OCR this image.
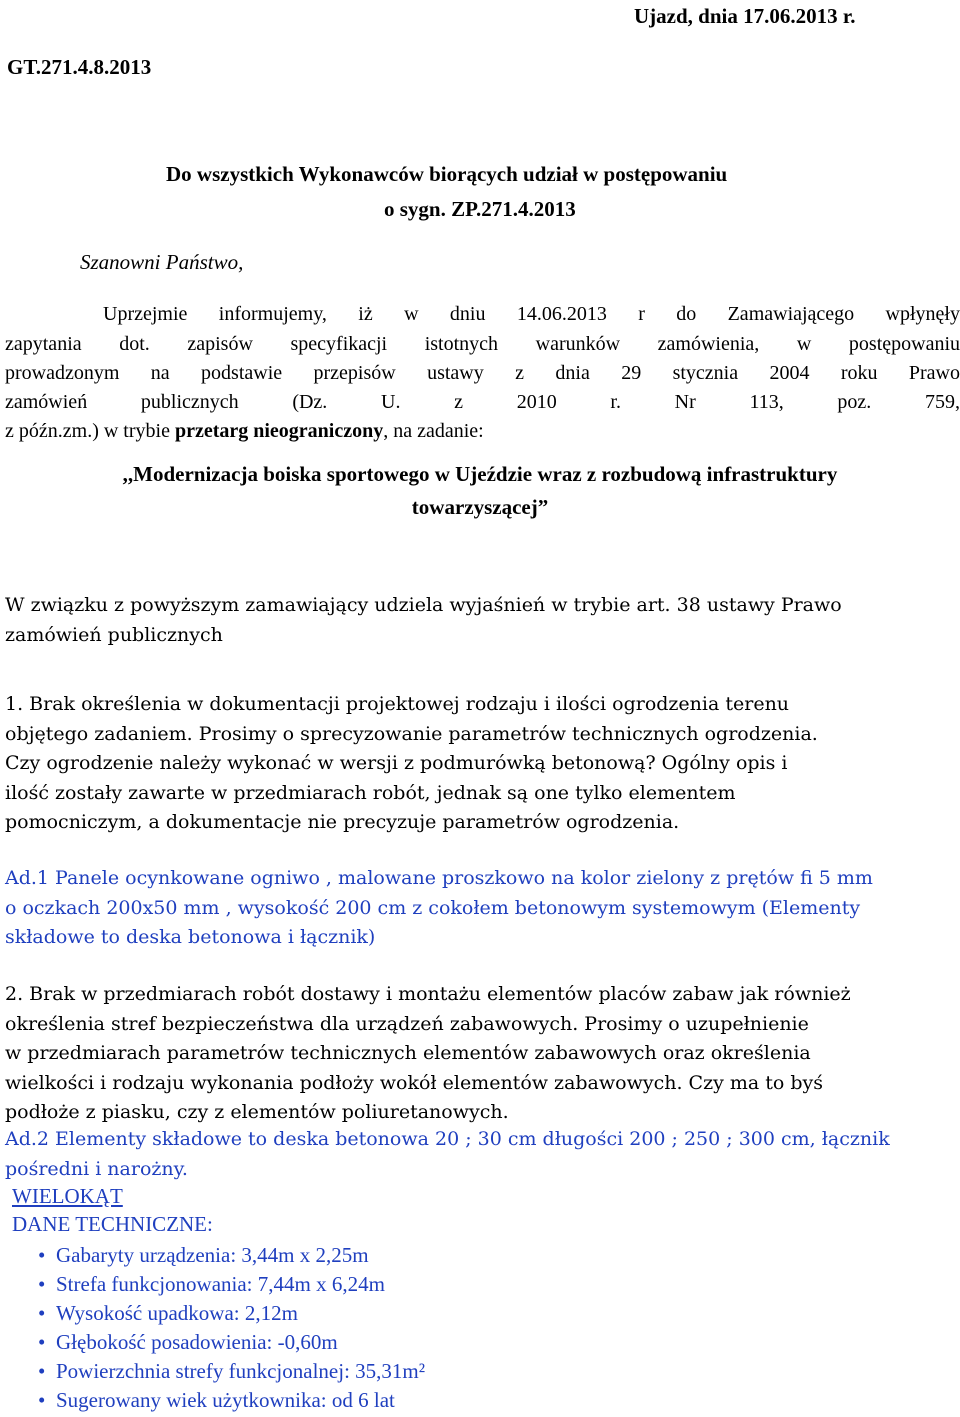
Ujazd, dnia 17.06.2013 r.
GT.271.4.8.2013
Do wszystkich Wykonawców biorących udział w postępowaniu
o sygn. ZP.271.4.2013
Szanowni Państwo,
Uprzejmie informujemy, iż w dniu 14.06.2013 r do Zamawiającego wpłynęły
zapytania dot. zapisów specyfikacji istotnych warunków zamówienia, w postępowaniu
prowadzonym na podstawie przepisów ustawy z dnia 29 stycznia 2004 roku Prawo
zamówień publicznych (Dz. U. z 2010 r. Nr 113, poz. 759,
z późn.zm.) w trybie przetarg nieograniczony, na zadanie:
,,Modernizacja boiska sportowego w Ujeździe wraz z rozbudową infrastruktury
towarzyszącej”
W związku z powyższym zamawiający udziela wyjaśnień w trybie art. 38 ustawy Prawo
zamówień publicznych
1. Brak określenia w dokumentacji projektowej rodzaju i ilości ogrodzenia terenu
objętego zadaniem. Prosimy o sprecyzowanie parametrów technicznych ogrodzenia.
Czy ogrodzenie należy wykonać w wersji z podmurówką betonową? Ogólny opis i
ilość zostały zawarte w przedmiarach robót, jednak są one tylko elementem
pomocniczym, a dokumentacje nie precyzuje parametrów ogrodzenia.
Ad.1 Panele ocynkowane ogniwo , malowane proszkowo na kolor zielony z prętów fi 5 mm
o oczkach 200x50 mm , wysokość 200 cm z cokołem betonowym systemowym (Elementy
składowe to deska betonowa i łącznik)
2. Brak w przedmiarach robót dostawy i montażu elementów placów zabaw jak również
określenia stref bezpieczeństwa dla urządzeń zabawowych. Prosimy o uzupełnienie
w przedmiarach parametrów technicznych elementów zabawowych oraz określenia
wielkości i rodzaju wykonania podłoży wokół elementów zabawowych. Czy ma to byś
podłoże z piasku, czy z elementów poliuretanowych.
Ad.2 Elementy składowe to deska betonowa 20 ; 30 cm długości 200 ; 250 ; 300 cm, łącznik
pośredni i narożny.
WIELOKĄT
DANE TECHNICZNE:
• Gabaryty urządzenia: 3,44m x 2,25m
• Strefa funkcjonowania: 7,44m x 6,24m
• Wysokość upadkowa: 2,12m
• Głębokość posadowienia: -0,60m
• Powierzchnia strefy funkcjonalnej: 35,31m²
• Sugerowany wiek użytkownika: od 6 lat
